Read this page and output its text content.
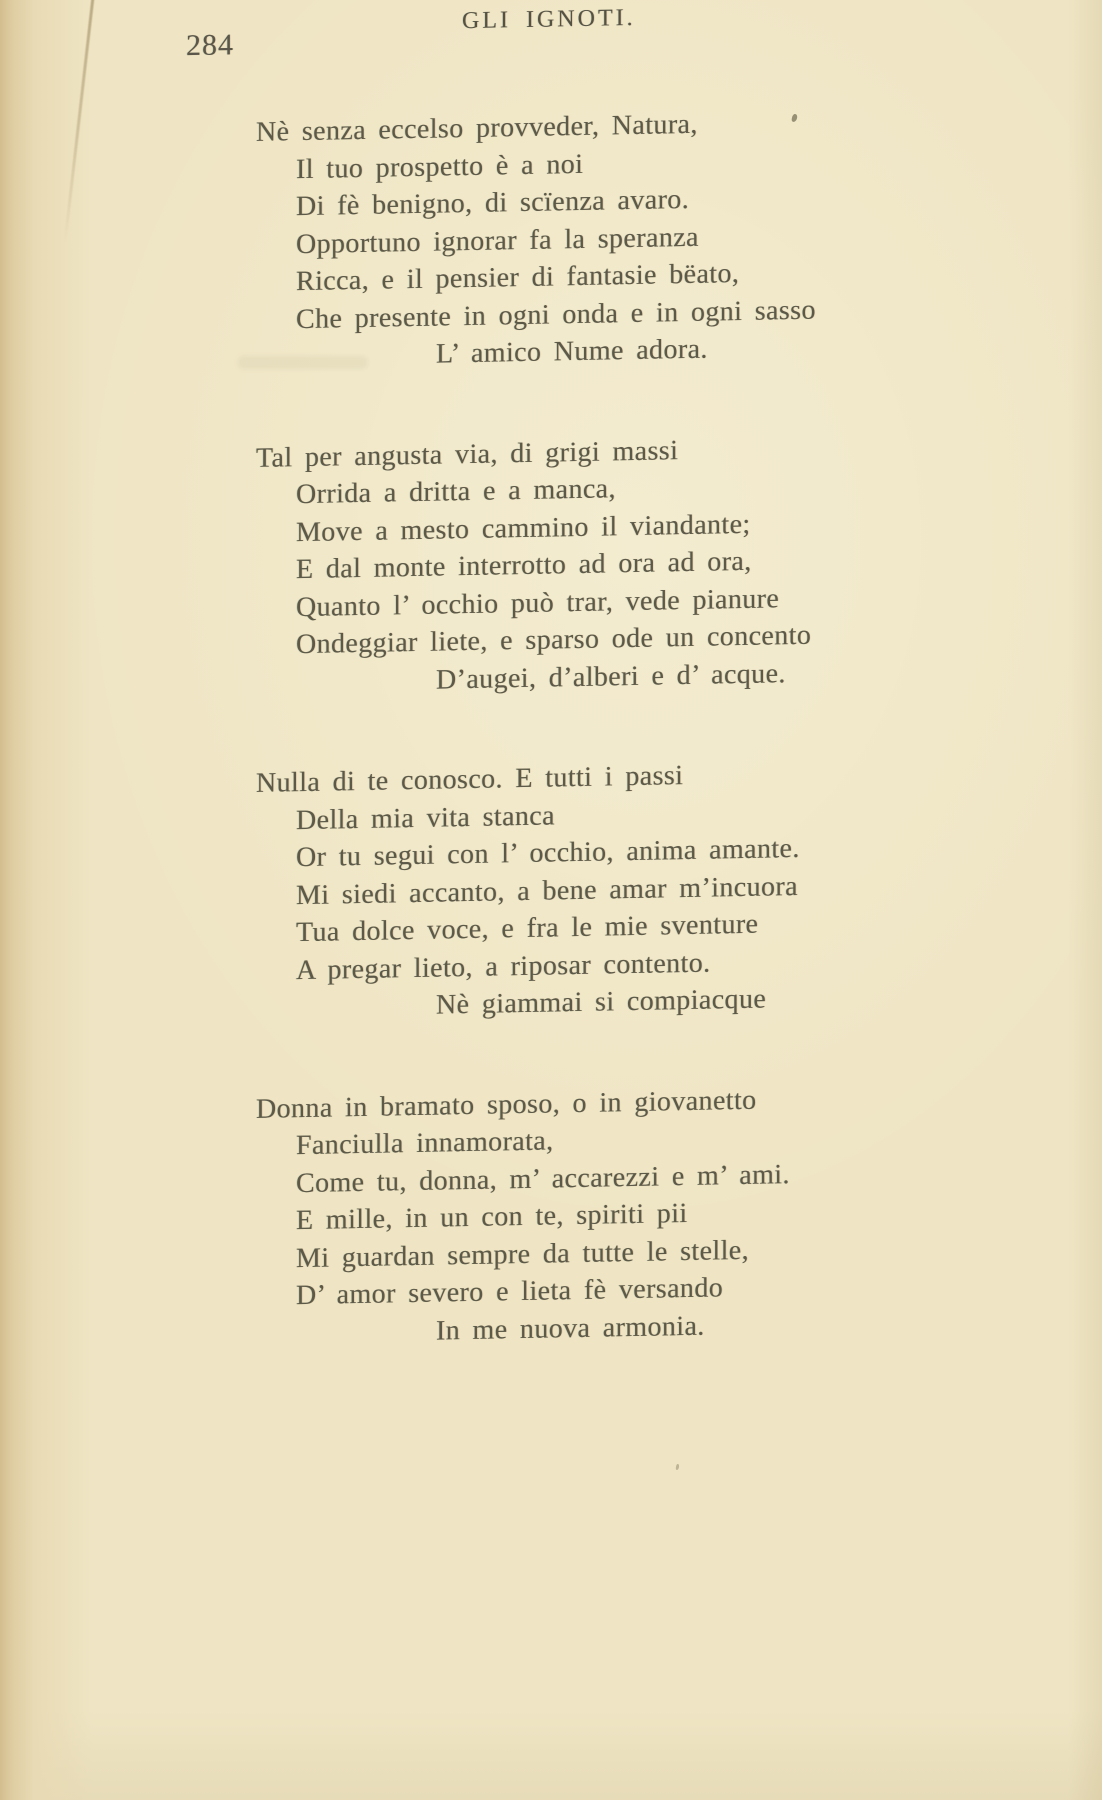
284
GLI IGNOTI.
Nè senza eccelso provveder, Natura,
Il tuo prospetto è a noi
Di fè benigno, di scïenza avaro.
Opportuno ignorar fa la speranza
Ricca, e il pensier di fantasie bëato,
Che presente in ogni onda e in ogni sasso
L’ amico Nume adora.
Tal per angusta via, di grigi massi
Orrida a dritta e a manca,
Move a mesto cammino il viandante;
E dal monte interrotto ad ora ad ora,
Quanto l’ occhio può trar, vede pianure
Ondeggiar liete, e sparso ode un concento
D’augei, d’alberi e d’ acque.
Nulla di te conosco. E tutti i passi
Della mia vita stanca
Or tu segui con l’ occhio, anima amante.
Mi siedi accanto, a bene amar m’incuora
Tua dolce voce, e fra le mie sventure
A pregar lieto, a riposar contento.
Nè giammai si compiacque
Donna in bramato sposo, o in giovanetto
Fanciulla innamorata,
Come tu, donna, m’ accarezzi e m’ ami.
E mille, in un con te, spiriti pii
Mi guardan sempre da tutte le stelle,
D’ amor severo e lieta fè versando
In me nuova armonia.
